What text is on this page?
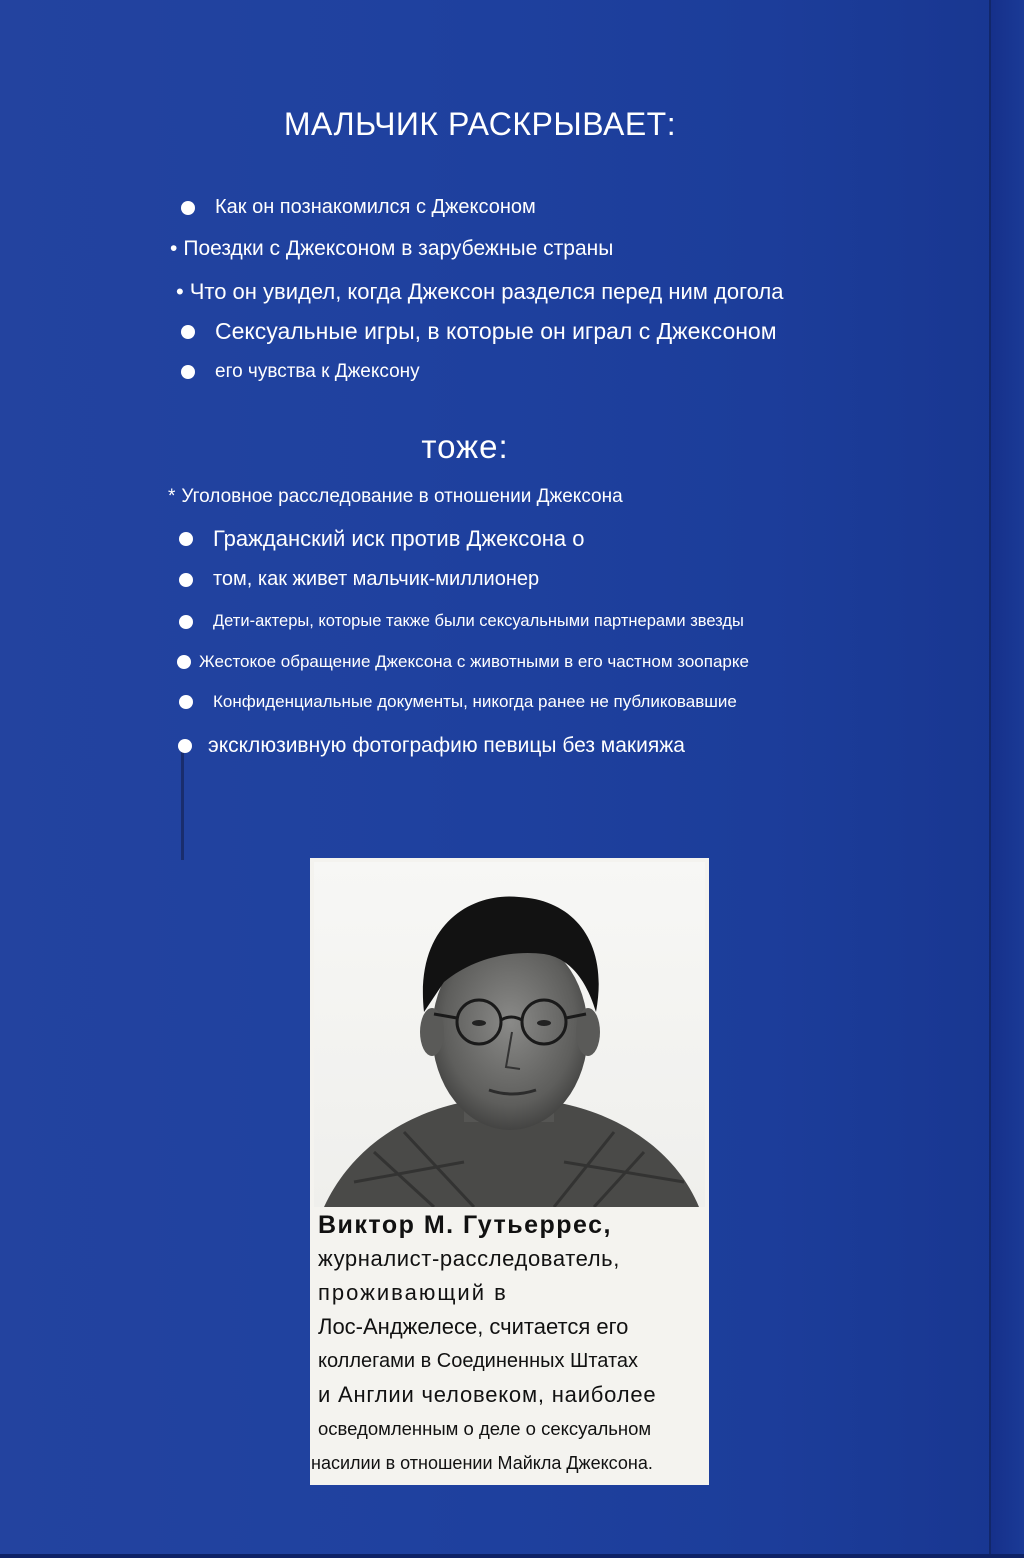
МАЛЬЧИК РАСКРЫВАЕТ:
Как он познакомился с Джексоном
• Поездки с Джексоном в зарубежные страны
• Что он увидел, когда Джексон разделся перед ним догола
Сексуальные игры, в которые он играл с Джексоном
его чувства к Джексону
тоже:
* Уголовное расследование в отношении Джексона
Гражданский иск против Джексона о
том, как живет мальчик-миллионер
Дети-актеры, которые также были сексуальными партнерами звезды
Жестокое обращение Джексона с животными в его частном зоопарке
Конфиденциальные документы, никогда ранее не публиковавшие
эксклюзивную фотографию певицы без макияжа
Виктор М. Гутьеррес,
журналист-расследователь,
проживающий в
Лос-Анджелесе, считается его
коллегами в Соединенных Штатах
и Англии человеком, наиболее
осведомленным о деле о сексуальном
насилии в отношении Майкла Джексона.
